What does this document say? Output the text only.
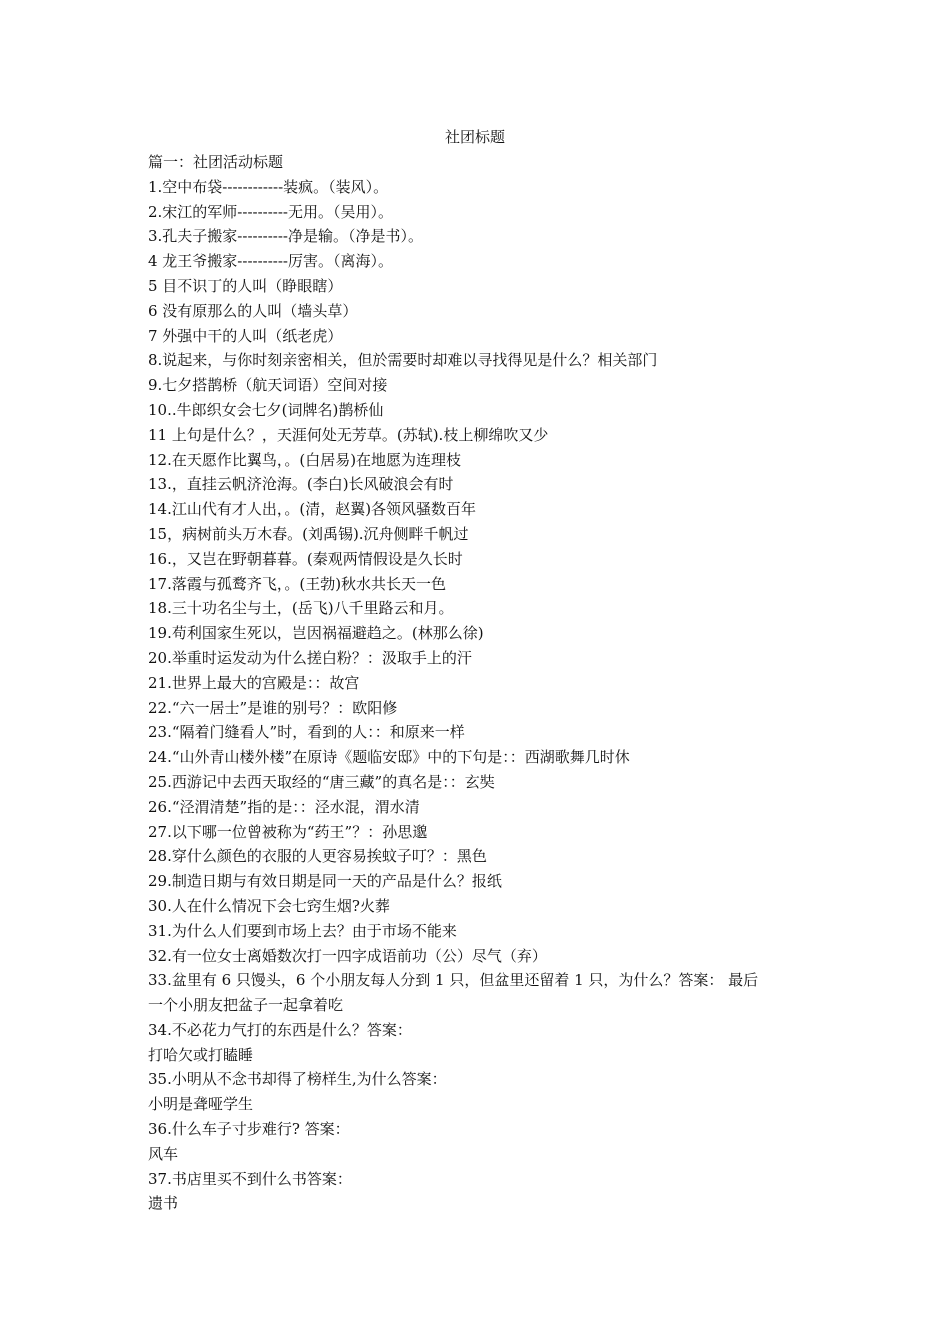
社团标题
篇一：社团活动标题
1.空中布袋------------装疯。（装风）。
2.宋江的军师----------无用。（吴用）。
3.孔夫子搬家----------净是输。（净是书）。
4 龙王爷搬家----------厉害。（离海）。
5 目不识丁的人叫（睁眼瞎）
6 没有原那么的人叫（墙头草）
7 外强中干的人叫（纸老虎）
8.说起来，与你时刻亲密相关，但於需要时却难以寻找得见是什么？相关部门
9.七夕搭鹊桥（航天词语）空间对接
10..牛郎织女会七夕(词牌名)鹊桥仙
11 上句是什么？，天涯何处无芳草。(苏轼).枝上柳绵吹又少
12.在天愿作比翼鸟，。(白居易)在地愿为连理枝
13.，直挂云帆济沧海。(李白)长风破浪会有时
14.江山代有才人出，。(清，赵翼)各领风骚数百年
15，病树前头万木春。(刘禹锡).沉舟侧畔千帆过
16.，又岂在野朝暮暮。(秦观两情假设是久长时
17.落霞与孤鹜齐飞，。(王勃)秋水共长天一色
18.三十功名尘与土，(岳飞)八千里路云和月。
19.苟利国家生死以，岂因祸福避趋之。(林那么徐)
20.举重时运发动为什么搓白粉？：汲取手上的汗
21.世界上最大的宫殿是：：故宫
22.“六一居士”是谁的别号？：欧阳修
23.“隔着门缝看人”时，看到的人：：和原来一样
24.“山外青山楼外楼”在原诗《题临安邸》中的下句是：：西湖歌舞几时休
25.西游记中去西天取经的“唐三藏”的真名是：：玄奘
26.“泾渭清楚”指的是：：泾水混，渭水清
27.以下哪一位曾被称为“药王”？：孙思邈
28.穿什么颜色的衣服的人更容易挨蚊子叮？：黑色
29.制造日期与有效日期是同一天的产品是什么？报纸
30.人在什么情况下会七窍生烟?火葬
31.为什么人们要到市场上去？由于市场不能来
32.有一位女士离婚数次打一四字成语前功（公）尽气（弃）
33.盆里有 6 只馒头，6 个小朋友每人分到 1 只，但盆里还留着 1 只，为什么？答案： 最后
一个小朋友把盆子一起拿着吃
34.不必花力气打的东西是什么？答案：
打哈欠或打瞌睡
35.小明从不念书却得了榜样生,为什么答案：
小明是聋哑学生
36.什么车子寸步难行? 答案：
风车
37.书店里买不到什么书答案：
遗书
